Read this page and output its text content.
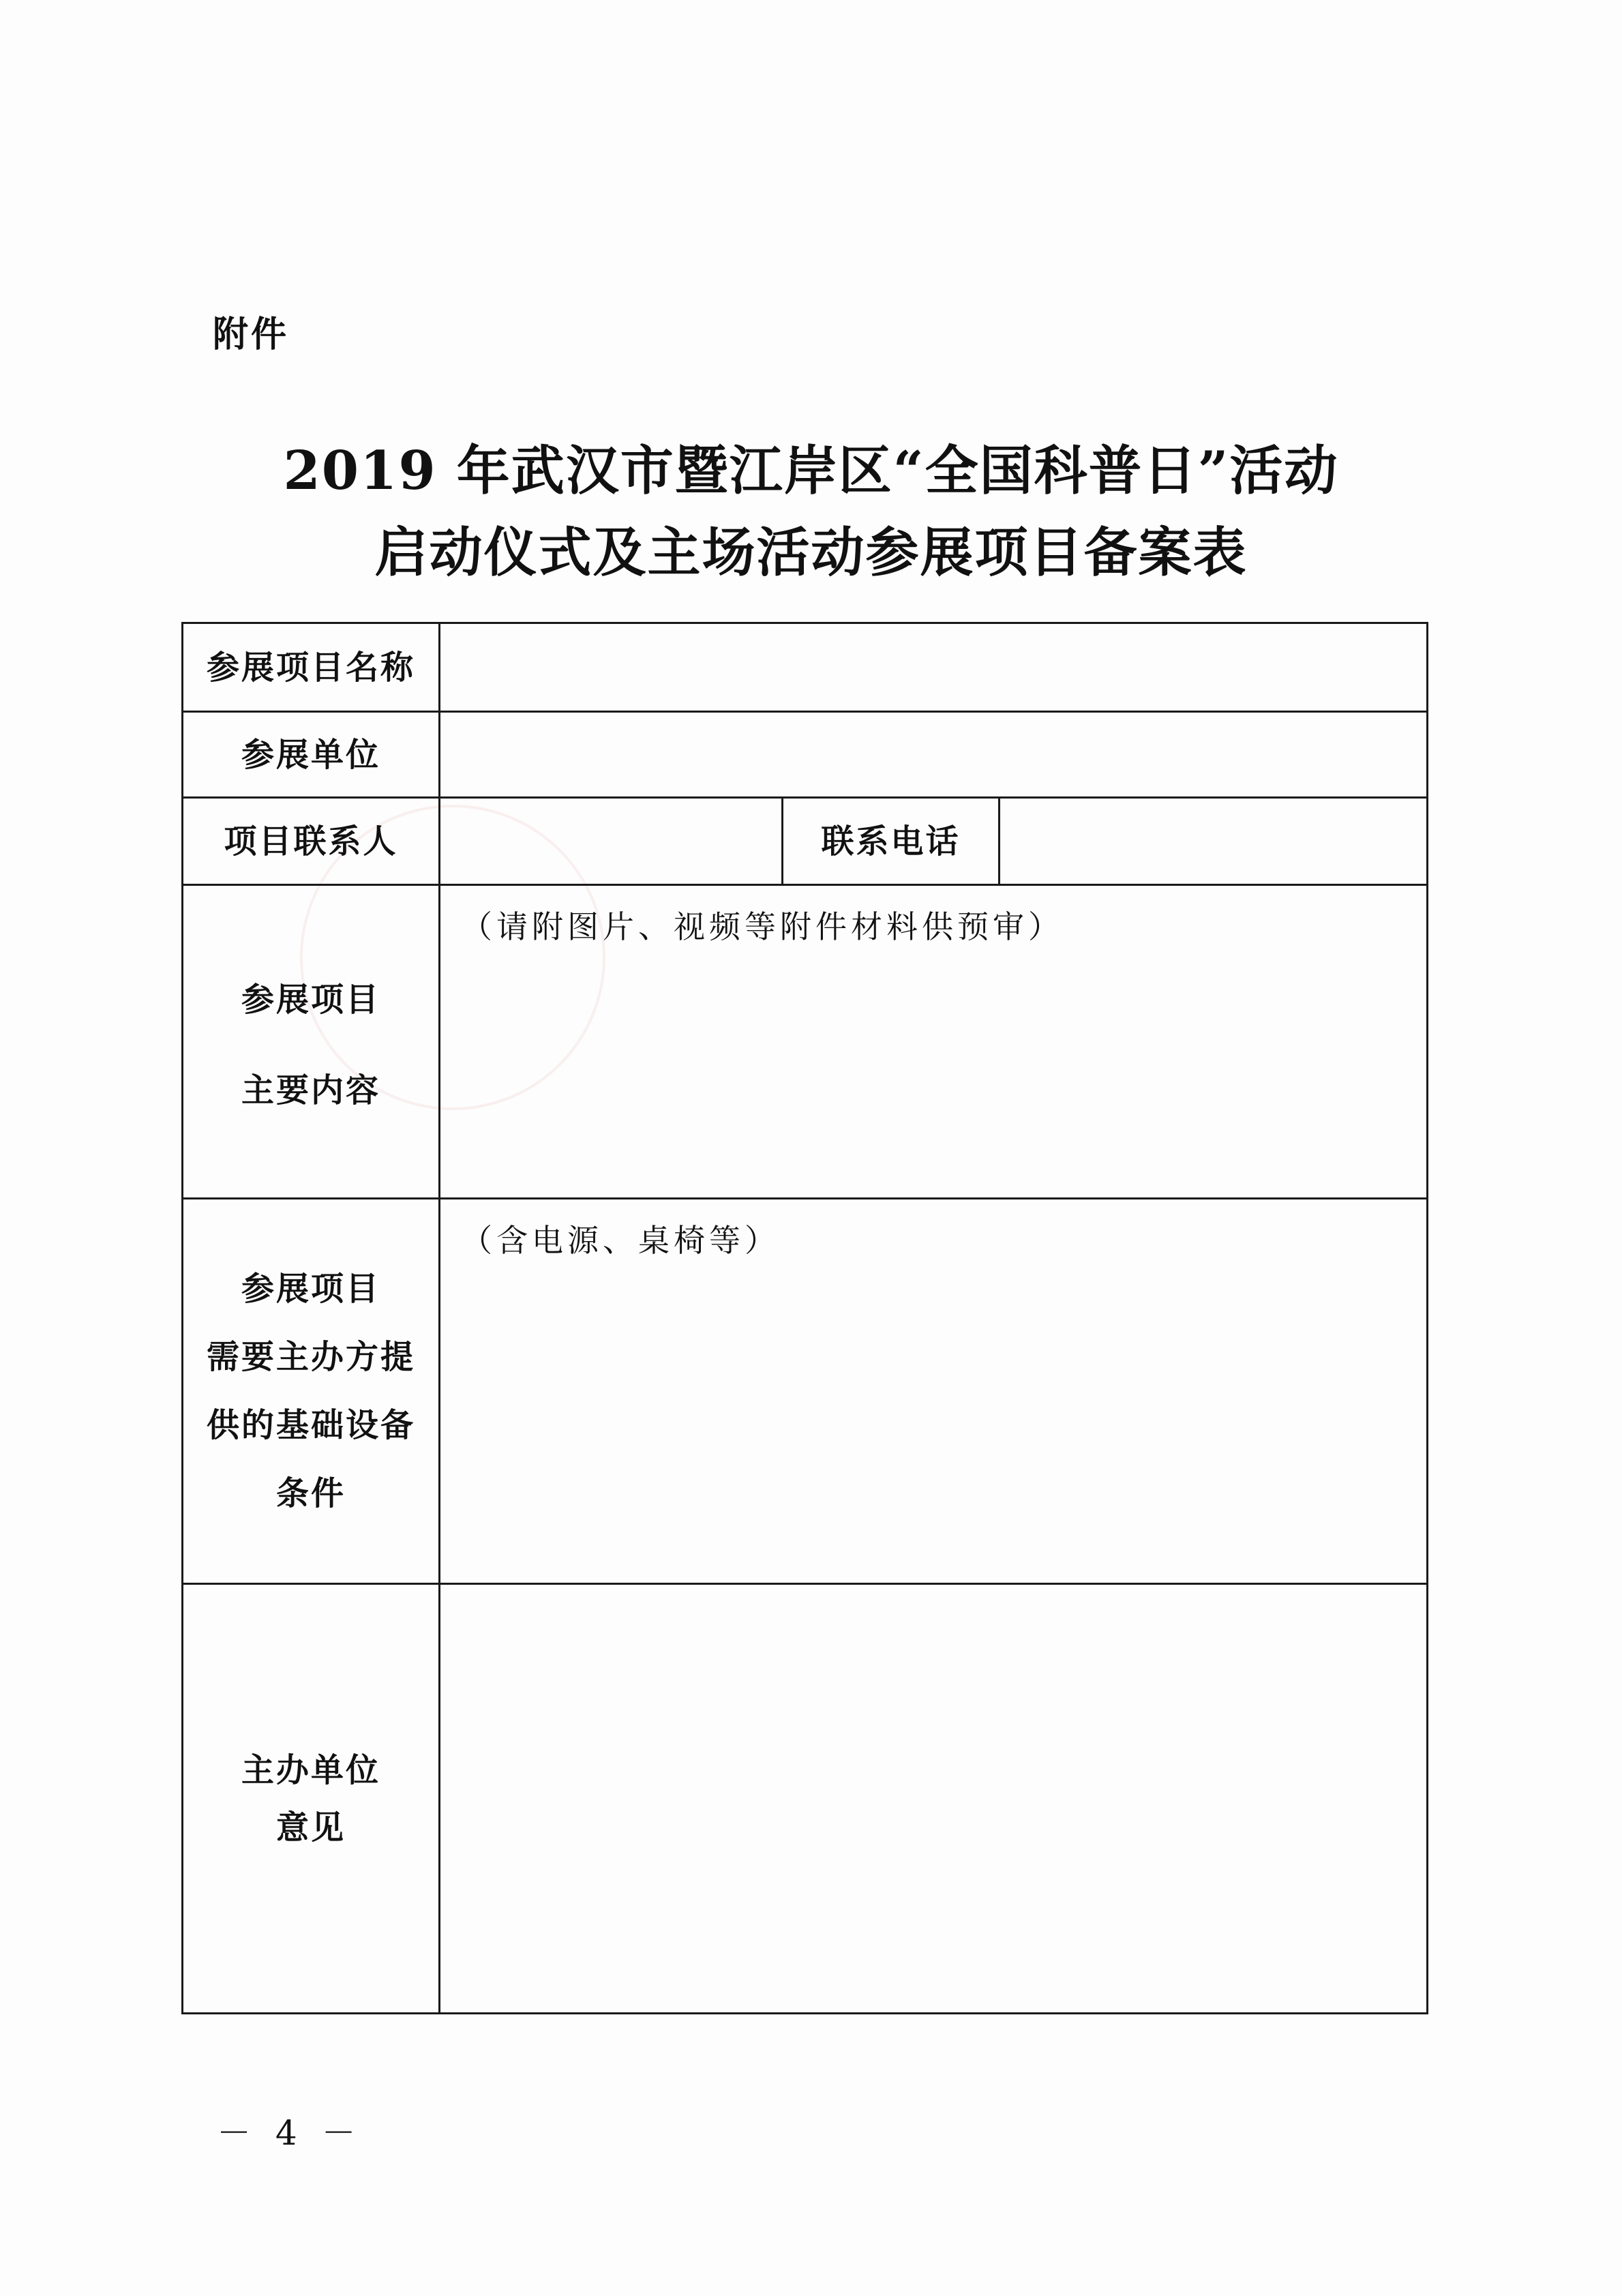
附件
2019 年武汉市暨江岸区“全国科普日”活动
启动仪式及主场活动参展项目备案表
参展项目名称			
参展单位			
项目联系人		联系电话	

参展项目
主要内容	（请附图片、视频等附件材料供预审）		

参展项目
需要主办方提
供的基础设备
条件	（含电源、桌椅等）		

主办单位
意见			

－ 4 －
